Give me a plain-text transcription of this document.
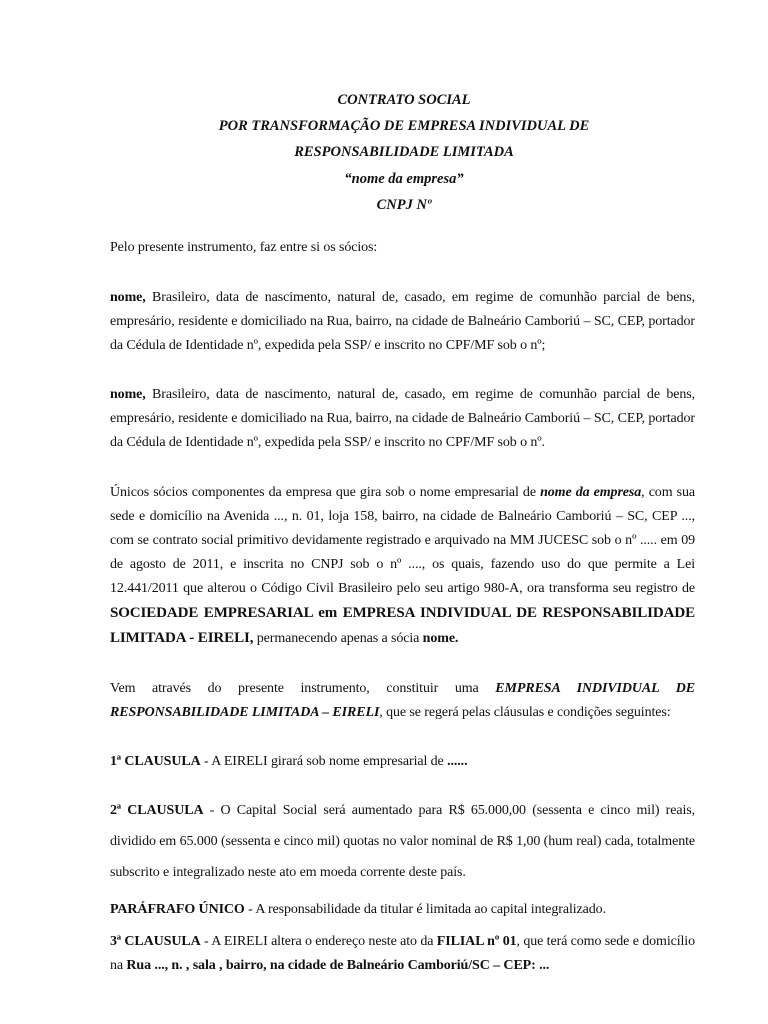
CONTRATO SOCIAL

POR TRANSFORMAÇÃO DE EMPRESA INDIVIDUAL DE

RESPONSABILIDADE LIMITADA

“nome da empresa”

CNPJ Nº

Pelo presente instrumento, faz entre si os sócios:

nome, Brasileiro, data de nascimento, natural de, casado, em regime de comunhão parcial de bens, empresário, residente e domiciliado na Rua, bairro, na cidade de Balneário Camboriú – SC, CEP, portador da Cédula de Identidade nº, expedida pela SSP/ e inscrito no CPF/MF sob o nº;

nome, Brasileiro, data de nascimento, natural de, casado, em regime de comunhão parcial de bens, empresário, residente e domiciliado na Rua, bairro, na cidade de Balneário Camboriú – SC, CEP, portador da Cédula de Identidade nº, expedida pela SSP/ e inscrito no CPF/MF sob o nº.

Únicos sócios componentes da empresa que gira sob o nome empresarial de nome da empresa, com sua sede e domicílio na Avenida ..., n. 01, loja 158, bairro, na cidade de Balneário Camboriú – SC, CEP ..., com se contrato social primitivo devidamente registrado e arquivado na MM JUCESC sob o nº ..... em 09 de agosto de 2011, e inscrita no CNPJ sob o nº ...., os quais, fazendo uso do que permite a Lei 12.441/2011 que alterou o Código Civil Brasileiro pelo seu artigo 980-A, ora transforma seu registro de SOCIEDADE EMPRESARIAL em EMPRESA INDIVIDUAL DE RESPONSABILIDADE LIMITADA - EIRELI, permanecendo apenas a sócia nome.

Vem através do presente instrumento, constituir uma EMPRESA INDIVIDUAL DE RESPONSABILIDADE LIMITADA – EIRELI, que se regerá pelas cláusulas e condições seguintes:

1ª CLAUSULA - A EIRELI girará sob nome empresarial de ......

2ª CLAUSULA - O Capital Social será aumentado para R$ 65.000,00 (sessenta e cinco mil) reais, dividido em 65.000 (sessenta e cinco mil) quotas no valor nominal de R$ 1,00 (hum real) cada, totalmente subscrito e integralizado neste ato em moeda corrente deste país.

PARÁFRAFO ÚNICO - A responsabilidade da titular é limitada ao capital integralizado.

3ª CLAUSULA - A EIRELI altera o endereço neste ato da FILIAL nº 01, que terá como sede e domicílio na Rua ..., n. , sala , bairro, na cidade de Balneário Camboriú/SC – CEP: ...
